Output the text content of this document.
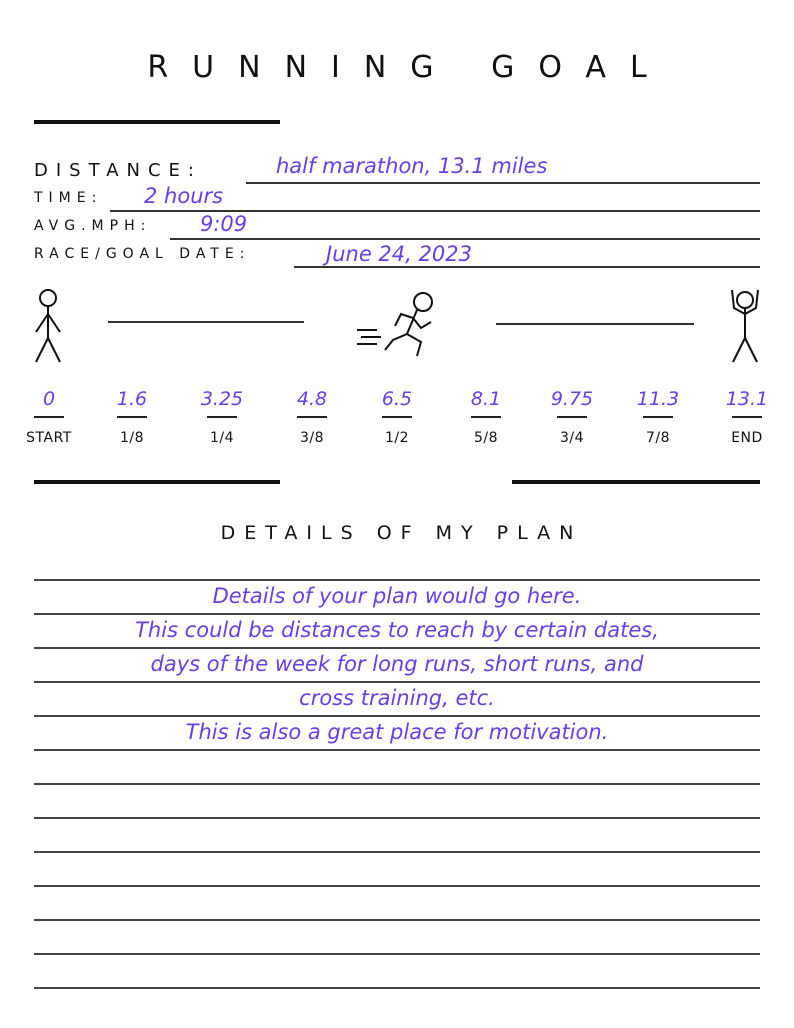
RUNNING GOAL
DISTANCE:	half marathon, 13.1 miles
TIME: 2 hours
AVG.MPH: 9:09
RACE/GOAL DATE:	June 24, 2023
0
START
1.6
1/8
3.25
1/4
4.8
3/8
6.5
1/2
8.1
5/8
9.75
3/4
11.3
7/8
13.1
END
DETAILS OF MY PLAN
Details of your plan would go here.
This could be distances to reach by certain dates,
days of the week for long runs, short runs, and
cross training, etc.
This is also a great place for motivation.
